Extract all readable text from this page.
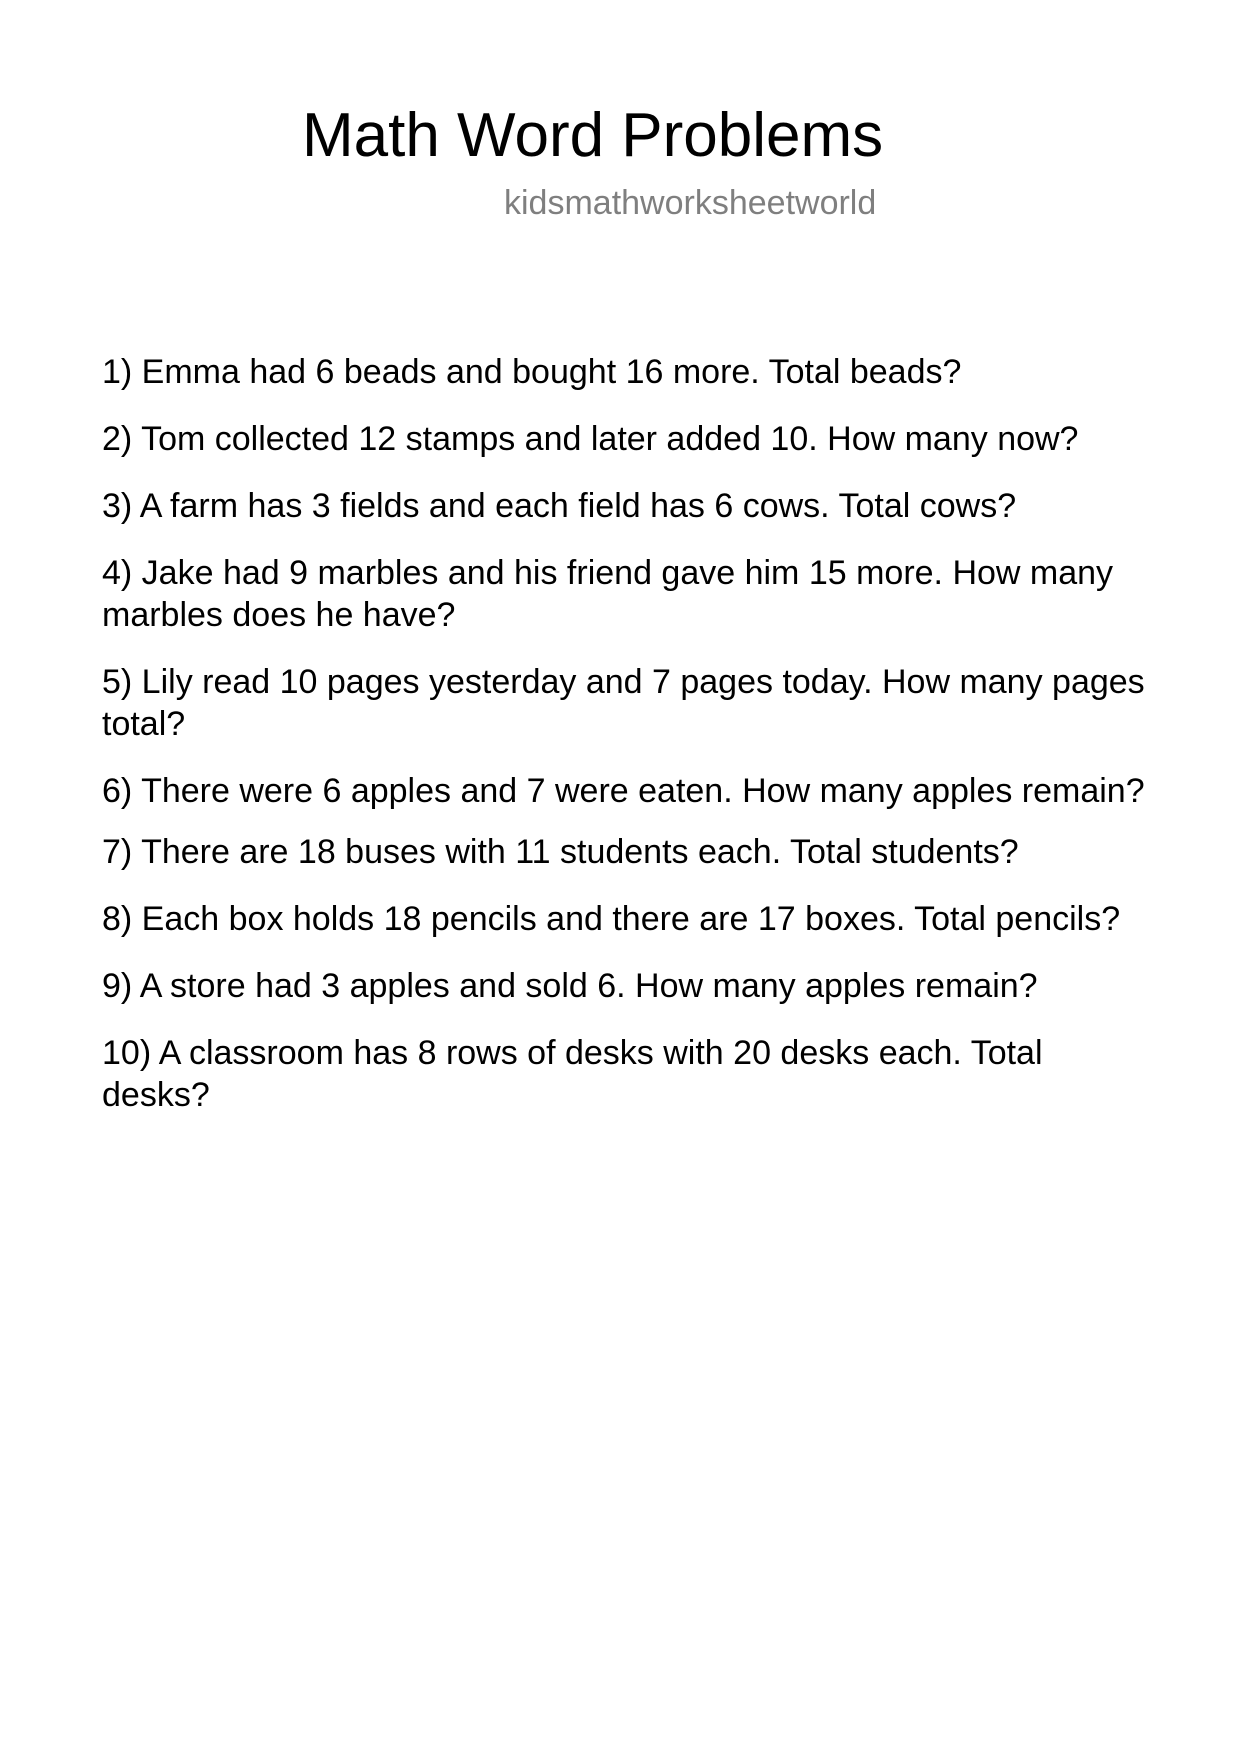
Math Word Problems

kidsmathworksheetworld

1) Emma had 6 beads and bought 16 more. Total beads?
2) Tom collected 12 stamps and later added 10. How many now?
3) A farm has 3 fields and each field has 6 cows. Total cows?
4) Jake had 9 marbles and his friend gave him 15 more. How many marbles does he have?
5) Lily read 10 pages yesterday and 7 pages today. How many pages total?
6) There were 6 apples and 7 were eaten. How many apples remain?
7) There are 18 buses with 11 students each. Total students?
8) Each box holds 18 pencils and there are 17 boxes. Total pencils?
9) A store had 3 apples and sold 6. How many apples remain?
10) A classroom has 8 rows of desks with 20 desks each. Total desks?
